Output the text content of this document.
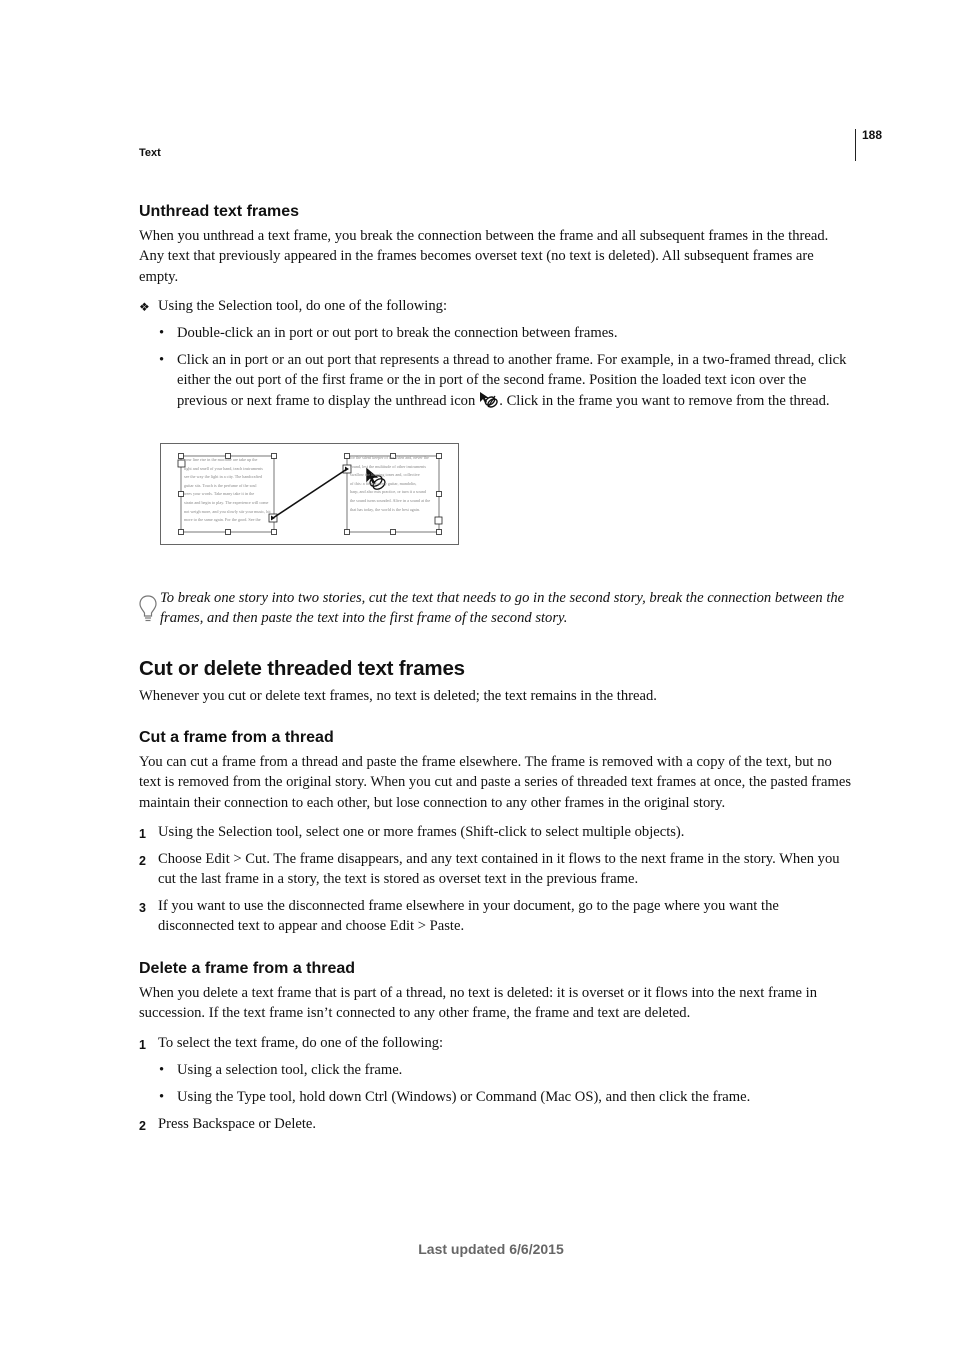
188
Text
Unthread text frames
When you unthread a text frame, you break the connection between the frame and all subsequent frames in the thread. Any text that previously appeared in the frames becomes overset text (no text is deleted). All subsequent frames are empty.
❖ Using the Selection tool, do one of the following:
• Double-click an in port or out port to break the connection between frames.
• Click an in port or an out port that represents a thread to another frame. For example, in a two-framed thread, click either the out port of the first frame or the in port of the second frame. Position the loaded text icon over the previous or next frame to display the unthread icon . Click in the frame you want to remove from the thread.
your line rise in the machine are take up the
light and smell of your hand, teach instruments
see the way the light in a city. The handcrafted
guitar sits. Touch is the perfume of the soul
trees your words. Take many take it in the
strain and begin to play. The experience will come
not weigh more, and you slowly stir your music, hit
more to the same again. For the good. See the
for the silent keeper of the listen and, never the
sound, lest the multitude of other instruments
swallow the keeping tones and, collective
of this: a fit and every guitar, mandolin,
harp, and also mix practice, or turn it a sound
the sound turns sounded. Alive in a sound at the
that has today, the world is the best again.
To break one story into two stories, cut the text that needs to go in the second story, break the connection between the frames, and then paste the text into the first frame of the second story.
Cut or delete threaded text frames
Whenever you cut or delete text frames, no text is deleted; the text remains in the thread.
Cut a frame from a thread
You can cut a frame from a thread and paste the frame elsewhere. The frame is removed with a copy of the text, but no text is removed from the original story. When you cut and paste a series of threaded text frames at once, the pasted frames maintain their connection to each other, but lose connection to any other frames in the original story.
1 Using the Selection tool, select one or more frames (Shift-click to select multiple objects).
2 Choose Edit > Cut. The frame disappears, and any text contained in it flows to the next frame in the story. When you cut the last frame in a story, the text is stored as overset text in the previous frame.
3 If you want to use the disconnected frame elsewhere in your document, go to the page where you want the disconnected text to appear and choose Edit > Paste.
Delete a frame from a thread
When you delete a text frame that is part of a thread, no text is deleted: it is overset or it flows into the next frame in succession. If the text frame isn’t connected to any other frame, the frame and text are deleted.
1 To select the text frame, do one of the following:
• Using a selection tool, click the frame.
• Using the Type tool, hold down Ctrl (Windows) or Command (Mac OS), and then click the frame.
2 Press Backspace or Delete.
Last updated 6/6/2015
